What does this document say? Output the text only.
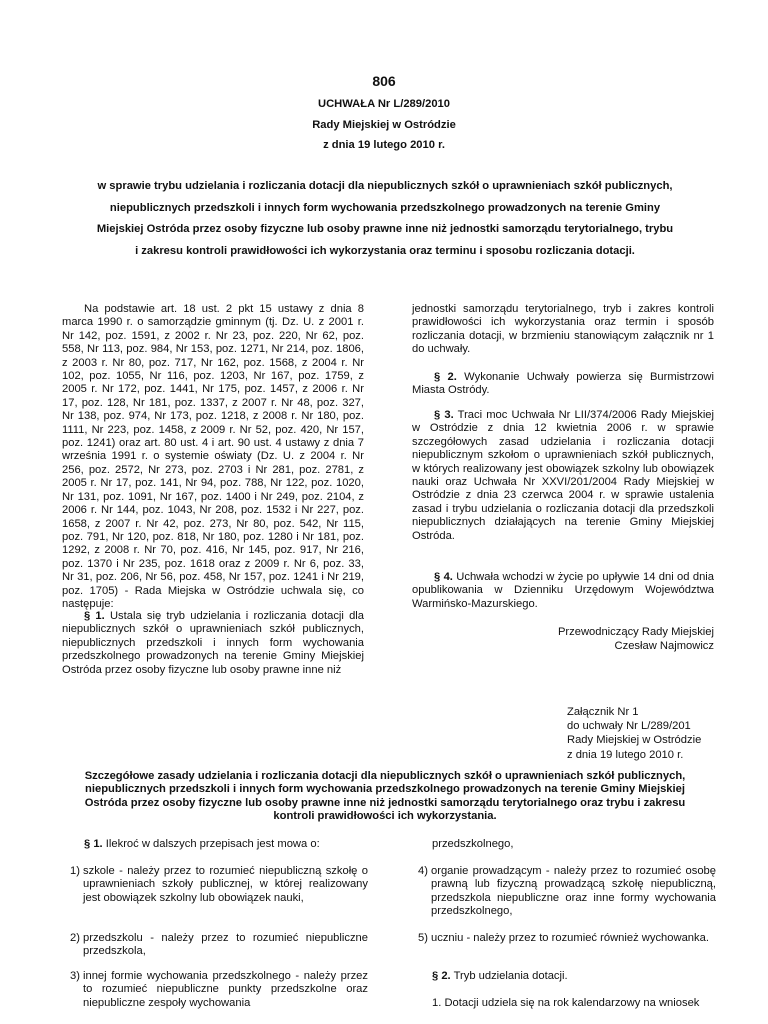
806
UCHWAŁA Nr L/289/2010
Rady Miejskiej w Ostródzie
z dnia 19 lutego 2010 r.
w sprawie trybu udzielania i rozliczania dotacji dla niepublicznych szkół o uprawnieniach szkół publicznych,
niepublicznych przedszkoli i innych form wychowania przedszkolnego prowadzonych na terenie Gminy
Miejskiej Ostróda przez osoby fizyczne lub osoby prawne inne niż jednostki samorządu terytorialnego, trybu
i zakresu kontroli prawidłowości ich wykorzystania oraz terminu i sposobu rozliczania dotacji.
Na podstawie art. 18 ust. 2 pkt 15 ustawy z dnia 8 marca 1990 r. o samorządzie gminnym (tj. Dz. U. z 2001 r. Nr 142, poz. 1591, z 2002 r. Nr 23, poz. 220, Nr 62, poz. 558, Nr 113, poz. 984, Nr 153, poz. 1271, Nr 214, poz. 1806, z 2003 r. Nr 80, poz. 717, Nr 162, poz. 1568, z 2004 r. Nr 102, poz. 1055, Nr 116, poz. 1203, Nr 167, poz. 1759, z 2005 r. Nr 172, poz. 1441, Nr 175, poz. 1457, z 2006 r. Nr 17, poz. 128, Nr 181, poz. 1337, z 2007 r. Nr 48, poz. 327, Nr 138, poz. 974, Nr 173, poz. 1218, z 2008 r. Nr 180, poz. 1111, Nr 223, poz. 1458, z 2009 r. Nr 52, poz. 420, Nr 157, poz. 1241) oraz art. 80 ust. 4 i art. 90 ust. 4 ustawy z dnia 7 września 1991 r. o systemie oświaty (Dz. U. z 2004 r. Nr 256, poz. 2572, Nr 273, poz. 2703 i Nr 281, poz. 2781, z 2005 r. Nr 17, poz. 141, Nr 94, poz. 788, Nr 122, poz. 1020, Nr 131, poz. 1091, Nr 167, poz. 1400 i Nr 249, poz. 2104, z 2006 r. Nr 144, poz. 1043, Nr 208, poz. 1532 i Nr 227, poz. 1658, z 2007 r. Nr 42, poz. 273, Nr 80, poz. 542, Nr 115, poz. 791, Nr 120, poz. 818, Nr 180, poz. 1280 i Nr 181, poz. 1292, z 2008 r. Nr 70, poz. 416, Nr 145, poz. 917, Nr 216, poz. 1370 i Nr 235, poz. 1618 oraz z 2009 r. Nr 6, poz. 33, Nr 31, poz. 206, Nr 56, poz. 458, Nr 157, poz. 1241 i Nr 219, poz. 1705) - Rada Miejska w Ostródzie uchwala się, co następuje:
§ 1. Ustala się tryb udzielania i rozliczania dotacji dla niepublicznych szkół o uprawnieniach szkół publicznych, niepublicznych przedszkoli i innych form wychowania przedszkolnego prowadzonych na terenie Gminy Miejskiej Ostróda przez osoby fizyczne lub osoby prawne inne niż
jednostki samorządu terytorialnego, tryb i zakres kontroli prawidłowości ich wykorzystania oraz termin i sposób rozliczania dotacji, w brzmieniu stanowiącym załącznik nr 1 do uchwały.
§ 2. Wykonanie Uchwały powierza się Burmistrzowi Miasta Ostródy.
§ 3. Traci moc Uchwała Nr LII/374/2006 Rady Miejskiej w Ostródzie z dnia 12 kwietnia 2006 r. w sprawie szczegółowych zasad udzielania i rozliczania dotacji niepublicznym szkołom o uprawnieniach szkół publicznych, w których realizowany jest obowiązek szkolny lub obowiązek nauki oraz Uchwała Nr XXVI/201/2004 Rady Miejskiej w Ostródzie z dnia 23 czerwca 2004 r. w sprawie ustalenia zasad i trybu udzielania o rozliczania dotacji dla przedszkoli niepublicznych działających na terenie Gminy Miejskiej Ostróda.
§ 4. Uchwała wchodzi w życie po upływie 14 dni od dnia opublikowania w Dzienniku Urzędowym Województwa Warmińsko-Mazurskiego.
Przewodniczący Rady Miejskiej
Czesław Najmowicz
Załącznik Nr 1
do uchwały Nr L/289/201
Rady Miejskiej w Ostródzie
z dnia 19 lutego 2010 r.
Szczegółowe zasady udzielania i rozliczania dotacji dla niepublicznych szkół o uprawnieniach szkół publicznych,
niepublicznych przedszkoli i innych form wychowania przedszkolnego prowadzonych na terenie Gminy Miejskiej
Ostróda przez osoby fizyczne lub osoby prawne inne niż jednostki samorządu terytorialnego oraz trybu i zakresu
kontroli prawidłowości ich wykorzystania.
§ 1. Ilekroć w dalszych przepisach jest mowa o:
1) szkole - należy przez to rozumieć niepubliczną szkołę o uprawnieniach szkoły publicznej, w której realizowany jest obowiązek szkolny lub obowiązek nauki,
2) przedszkolu - należy przez to rozumieć niepubliczne przedszkola,
3) innej formie wychowania przedszkolnego - należy przez to rozumieć niepubliczne punkty przedszkolne oraz niepubliczne zespoły wychowania
przedszkolnego,
4) organie prowadzącym - należy przez to rozumieć osobę prawną lub fizyczną prowadzącą szkołę niepubliczną, przedszkola niepubliczne oraz inne formy wychowania przedszkolnego,
5) uczniu - należy przez to rozumieć również wychowanka.
§ 2. Tryb udzielania dotacji.
1. Dotacji udziela się na rok kalendarzowy na wniosek
